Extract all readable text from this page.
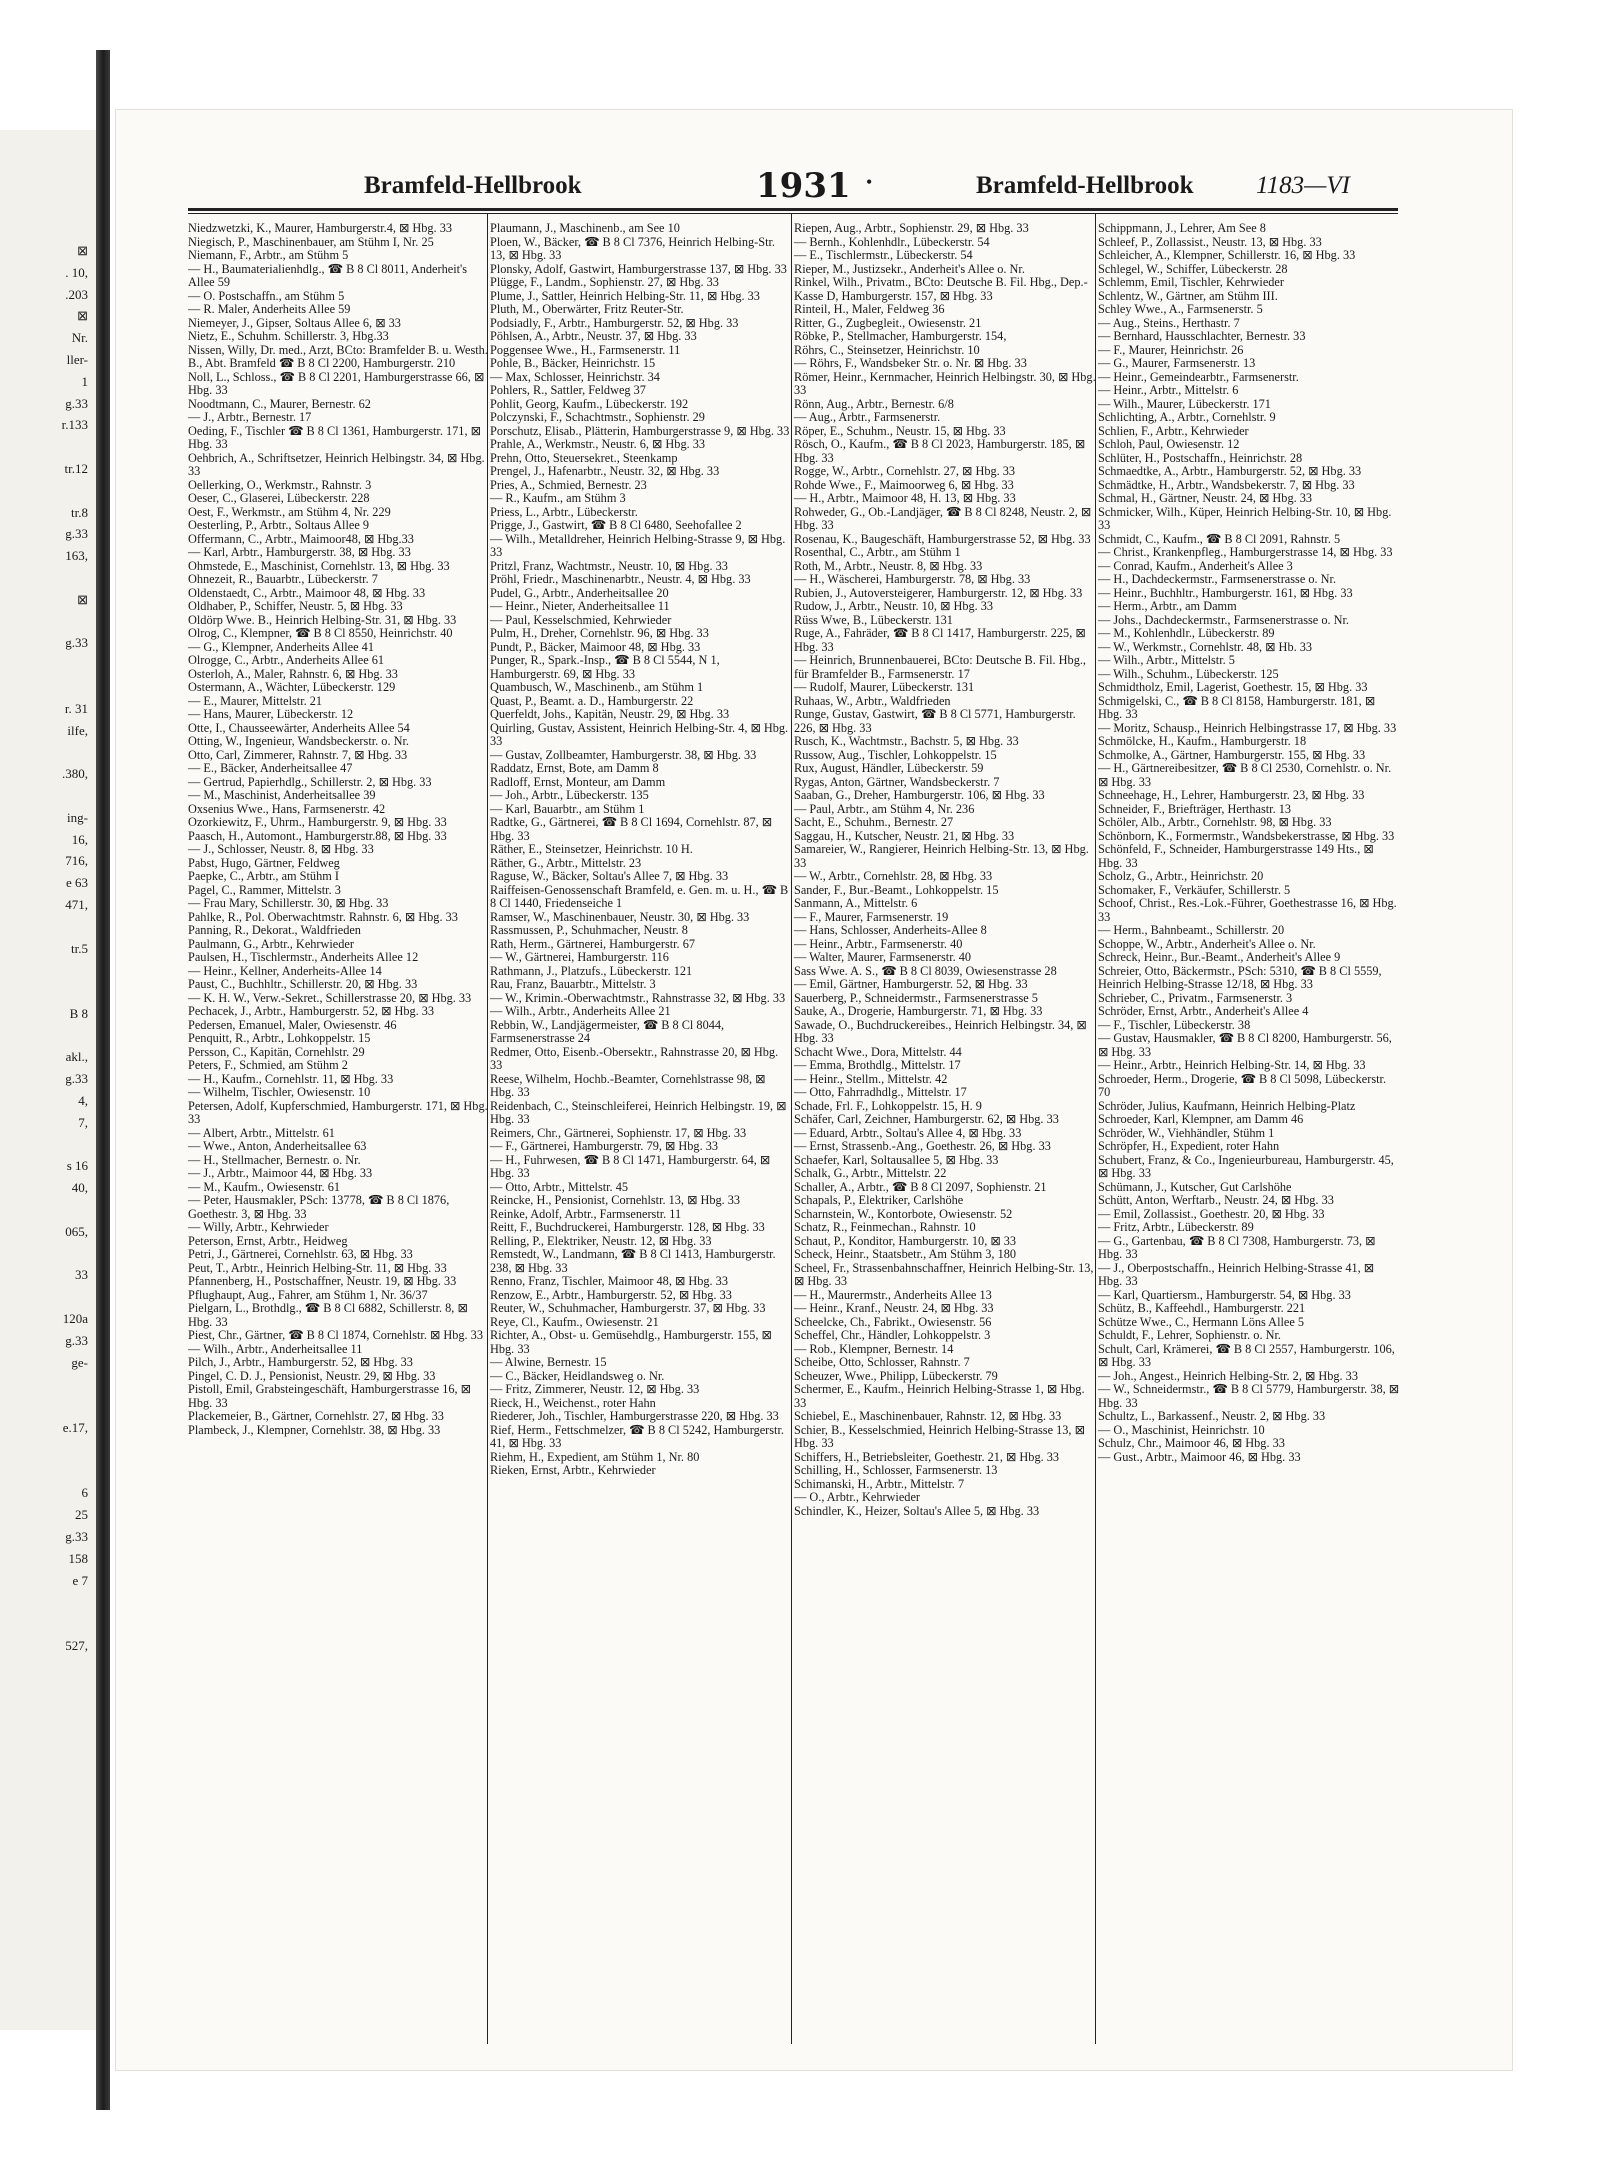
⊠
. 10,
.203
⊠
Nr.
ller-
1
g.33
r.133

tr.12

tr.8
g.33
163,

⊠

g.33

r. 31
ilfe,

.380,

ing-
16,
716,
e 63
471,

tr.5

B 8

akl.,
g.33
4,
7,

s 16
40,

065,

33

120a
g.33
ge-

e.17,

6
25
g.33
158
e 7

527,
Bramfeld-Hellbrook	1931 •	Bramfeld-Hellbrook 1183—VI
Niedzwetzki, K., Maurer, Hamburgerstr.4, ⊠ Hbg. 33
Niegisch, P., Maschinenbauer, am Stühm I, Nr. 25
Niemann, F., Arbtr., am Stühm 5
— H., Baumaterialienhdlg., ☎ B 8 Cl 8011, Anderheit's Allee 59
— O. Postschaffn., am Stühm 5
— R. Maler, Anderheits Allee 59
Niemeyer, J., Gipser, Soltaus Allee 6, ⊠ 33
Nietz, E., Schuhm. Schillerstr. 3, Hbg.33
Nissen, Willy, Dr. med., Arzt, BCto: Bramfelder B. u. Westh. B., Abt. Bramfeld ☎ B 8 Cl 2200, Hamburgerstr. 210
Noll, L., Schloss., ☎ B 8 Cl 2201, Hamburgerstrasse 66, ⊠ Hbg. 33
Noodtmann, C., Maurer, Bernestr. 62
— J., Arbtr., Bernestr. 17
Oeding, F., Tischler ☎ B 8 Cl 1361, Hamburgerstr. 171, ⊠ Hbg. 33
Oehbrich, A., Schriftsetzer, Heinrich Helbingstr. 34, ⊠ Hbg. 33
Oellerking, O., Werkmstr., Rahnstr. 3
Oeser, C., Glaserei, Lübeckerstr. 228
Oest, F., Werkmstr., am Stühm 4, Nr. 229
Oesterling, P., Arbtr., Soltaus Allee 9
Offermann, C., Arbtr., Maimoor48, ⊠ Hbg.33
— Karl, Arbtr., Hamburgerstr. 38, ⊠ Hbg. 33
Ohmstede, E., Maschinist, Cornehlstr. 13, ⊠ Hbg. 33
Ohnezeit, R., Bauarbtr., Lübeckerstr. 7
Oldenstaedt, C., Arbtr., Maimoor 48, ⊠ Hbg. 33
Oldhaber, P., Schiffer, Neustr. 5, ⊠ Hbg. 33
Oldörp Wwe. B., Heinrich Helbing-Str. 31, ⊠ Hbg. 33
Olrog, C., Klempner, ☎ B 8 Cl 8550, Heinrichstr. 40
— G., Klempner, Anderheits Allee 41
Olrogge, C., Arbtr., Anderheits Allee 61
Osterloh, A., Maler, Rahnstr. 6, ⊠ Hbg. 33
Ostermann, A., Wächter, Lübeckerstr. 129
— E., Maurer, Mittelstr. 21
— Hans, Maurer, Lübeckerstr. 12
Otte, I., Chausseewärter, Anderheits Allee 54
Otting, W., Ingenieur, Wandsbeckerstr. o. Nr.
Otto, Carl, Zimmerer, Rahnstr. 7, ⊠ Hbg. 33
— E., Bäcker, Anderheitsallee 47
— Gertrud, Papierhdlg., Schillerstr. 2, ⊠ Hbg. 33
— M., Maschinist, Anderheitsallee 39
Oxsenius Wwe., Hans, Farmsenerstr. 42
Ozorkiewitz, F., Uhrm., Hamburgerstr. 9, ⊠ Hbg. 33
Paasch, H., Automont., Hamburgerstr.88, ⊠ Hbg. 33
— J., Schlosser, Neustr. 8, ⊠ Hbg. 33
Pabst, Hugo, Gärtner, Feldweg
Paepke, C., Arbtr., am Stühm I
Pagel, C., Rammer, Mittelstr. 3
— Frau Mary, Schillerstr. 30, ⊠ Hbg. 33
Pahlke, R., Pol. Oberwachtmstr. Rahnstr. 6, ⊠ Hbg. 33
Panning, R., Dekorat., Waldfrieden
Paulmann, G., Arbtr., Kehrwieder
Paulsen, H., Tischlermstr., Anderheits Allee 12
— Heinr., Kellner, Anderheits-Allee 14
Paust, C., Buchhltr., Schillerstr. 20, ⊠ Hbg. 33
— K. H. W., Verw.-Sekret., Schillerstrasse 20, ⊠ Hbg. 33
Pechacek, J., Arbtr., Hamburgerstr. 52, ⊠ Hbg. 33
Pedersen, Emanuel, Maler, Owiesenstr. 46
Penquitt, R., Arbtr., Lohkoppelstr. 15
Persson, C., Kapitän, Cornehlstr. 29
Peters, F., Schmied, am Stühm 2
— H., Kaufm., Cornehlstr. 11, ⊠ Hbg. 33
— Wilhelm, Tischler, Owiesenstr. 10
Petersen, Adolf, Kupferschmied, Hamburgerstr. 171, ⊠ Hbg. 33
— Albert, Arbtr., Mittelstr. 61
— Wwe., Anton, Anderheitsallee 63
— H., Stellmacher, Bernestr. o. Nr.
— J., Arbtr., Maimoor 44, ⊠ Hbg. 33
— M., Kaufm., Owiesenstr. 61
— Peter, Hausmakler, PSch: 13778, ☎ B 8 Cl 1876, Goethestr. 3, ⊠ Hbg. 33
— Willy, Arbtr., Kehrwieder
Peterson, Ernst, Arbtr., Heidweg
Petri, J., Gärtnerei, Cornehlstr. 63, ⊠ Hbg. 33
Peut, T., Arbtr., Heinrich Helbing-Str. 11, ⊠ Hbg. 33
Pfannenberg, H., Postschaffner, Neustr. 19, ⊠ Hbg. 33
Pflughaupt, Aug., Fahrer, am Stühm 1, Nr. 36/37
Pielgarn, L., Brothdlg., ☎ B 8 Cl 6882, Schillerstr. 8, ⊠ Hbg. 33
Piest, Chr., Gärtner, ☎ B 8 Cl 1874, Cornehlstr. ⊠ Hbg. 33
— Wilh., Arbtr., Anderheitsallee 11
Pilch, J., Arbtr., Hamburgerstr. 52, ⊠ Hbg. 33
Pingel, C. D. J., Pensionist, Neustr. 29, ⊠ Hbg. 33
Pistoll, Emil, Grabsteingeschäft, Hamburgerstrasse 16, ⊠ Hbg. 33
Plackemeier, B., Gärtner, Cornehlstr. 27, ⊠ Hbg. 33
Plambeck, J., Klempner, Cornehlstr. 38, ⊠ Hbg. 33
Plaumann, J., Maschinenb., am See 10
Ploen, W., Bäcker, ☎ B 8 Cl 7376, Heinrich Helbing-Str. 13, ⊠ Hbg. 33
Plonsky, Adolf, Gastwirt, Hamburgerstrasse 137, ⊠ Hbg. 33
Plügge, F., Landm., Sophienstr. 27, ⊠ Hbg. 33
Plume, J., Sattler, Heinrich Helbing-Str. 11, ⊠ Hbg. 33
Pluth, M., Oberwärter, Fritz Reuter-Str.
Podsiadly, F., Arbtr., Hamburgerstr. 52, ⊠ Hbg. 33
Pöhlsen, A., Arbtr., Neustr. 37, ⊠ Hbg. 33
Poggensee Wwe., H., Farmsenerstr. 11
Pohle, B., Bäcker, Heinrichstr. 15
— Max, Schlosser, Heinrichstr. 34
Pohlers, R., Sattler, Feldweg 37
Pohlit, Georg, Kaufm., Lübeckerstr. 192
Polczynski, F., Schachtmstr., Sophienstr. 29
Porschutz, Elisab., Plätterin, Hamburgerstrasse 9, ⊠ Hbg. 33
Prahle, A., Werkmstr., Neustr. 6, ⊠ Hbg. 33
Prehn, Otto, Steuersekret., Steenkamp
Prengel, J., Hafenarbtr., Neustr. 32, ⊠ Hbg. 33
Pries, A., Schmied, Bernestr. 23
— R., Kaufm., am Stühm 3
Priess, L., Arbtr., Lübeckerstr.
Prigge, J., Gastwirt, ☎ B 8 Cl 6480, Seehofallee 2
— Wilh., Metalldreher, Heinrich Helbing-Strasse 9, ⊠ Hbg. 33
Pritzl, Franz, Wachtmstr., Neustr. 10, ⊠ Hbg. 33
Pröhl, Friedr., Maschinenarbtr., Neustr. 4, ⊠ Hbg. 33
Pudel, G., Arbtr., Anderheitsallee 20
— Heinr., Nieter, Anderheitsallee 11
— Paul, Kesselschmied, Kehrwieder
Pulm, H., Dreher, Cornehlstr. 96, ⊠ Hbg. 33
Pundt, P., Bäcker, Maimoor 48, ⊠ Hbg. 33
Punger, R., Spark.-Insp., ☎ B 8 Cl 5544, N 1, Hamburgerstr. 69, ⊠ Hbg. 33
Quambusch, W., Maschinenb., am Stühm 1
Quast, P., Beamt. a. D., Hamburgerstr. 22
Querfeldt, Johs., Kapitän, Neustr. 29, ⊠ Hbg. 33
Quirling, Gustav, Assistent, Heinrich Helbing-Str. 4, ⊠ Hbg. 33
— Gustav, Zollbeamter, Hamburgerstr. 38, ⊠ Hbg. 33
Raddatz, Ernst, Bote, am Damm 8
Radloff, Ernst, Monteur, am Damm
— Joh., Arbtr., Lübeckerstr. 135
— Karl, Bauarbtr., am Stühm 1
Radtke, G., Gärtnerei, ☎ B 8 Cl 1694, Cornehlstr. 87, ⊠ Hbg. 33
Räther, E., Steinsetzer, Heinrichstr. 10 H.
Räther, G., Arbtr., Mittelstr. 23
Raguse, W., Bäcker, Soltau's Allee 7, ⊠ Hbg. 33
Raiffeisen-Genossenschaft Bramfeld, e. Gen. m. u. H., ☎ B 8 Cl 1440, Friedenseiche 1
Ramser, W., Maschinenbauer, Neustr. 30, ⊠ Hbg. 33
Rassmussen, P., Schuhmacher, Neustr. 8
Rath, Herm., Gärtnerei, Hamburgerstr. 67
— W., Gärtnerei, Hamburgerstr. 116
Rathmann, J., Platzufs., Lübeckerstr. 121
Rau, Franz, Bauarbtr., Mittelstr. 3
— W., Krimin.-Oberwachtmstr., Rahnstrasse 32, ⊠ Hbg. 33
— Wilh., Arbtr., Anderheits Allee 21
Rebbin, W., Landjägermeister, ☎ B 8 Cl 8044, Farmsenerstrasse 24
Redmer, Otto, Eisenb.-Obersektr., Rahnstrasse 20, ⊠ Hbg. 33
Reese, Wilhelm, Hochb.-Beamter, Cornehlstrasse 98, ⊠ Hbg. 33
Reidenbach, C., Steinschleiferei, Heinrich Helbingstr. 19, ⊠ Hbg. 33
Reimers, Chr., Gärtnerei, Sophienstr. 17, ⊠ Hbg. 33
— F., Gärtnerei, Hamburgerstr. 79, ⊠ Hbg. 33
— H., Fuhrwesen, ☎ B 8 Cl 1471, Hamburgerstr. 64, ⊠ Hbg. 33
— Otto, Arbtr., Mittelstr. 45
Reincke, H., Pensionist, Cornehlstr. 13, ⊠ Hbg. 33
Reinke, Adolf, Arbtr., Farmsenerstr. 11
Reitt, F., Buchdruckerei, Hamburgerstr. 128, ⊠ Hbg. 33
Relling, P., Elektriker, Neustr. 12, ⊠ Hbg. 33
Remstedt, W., Landmann, ☎ B 8 Cl 1413, Hamburgerstr. 238, ⊠ Hbg. 33
Renno, Franz, Tischler, Maimoor 48, ⊠ Hbg. 33
Renzow, E., Arbtr., Hamburgerstr. 52, ⊠ Hbg. 33
Reuter, W., Schuhmacher, Hamburgerstr. 37, ⊠ Hbg. 33
Reye, Cl., Kaufm., Owiesenstr. 21
Richter, A., Obst- u. Gemüsehdlg., Hamburgerstr. 155, ⊠ Hbg. 33
— Alwine, Bernestr. 15
— C., Bäcker, Heidlandsweg o. Nr.
— Fritz, Zimmerer, Neustr. 12, ⊠ Hbg. 33
Rieck, H., Weichenst., roter Hahn
Riederer, Joh., Tischler, Hamburgerstrasse 220, ⊠ Hbg. 33
Rief, Herm., Fettschmelzer, ☎ B 8 Cl 5242, Hamburgerstr. 41, ⊠ Hbg. 33
Riehm, H., Expedient, am Stühm 1, Nr. 80
Rieken, Ernst, Arbtr., Kehrwieder
Riepen, Aug., Arbtr., Sophienstr. 29, ⊠ Hbg. 33
— Bernh., Kohlenhdlr., Lübeckerstr. 54
— E., Tischlermstr., Lübeckerstr. 54
Rieper, M., Justizsekr., Anderheit's Allee o. Nr.
Rinkel, Wilh., Privatm., BCto: Deutsche B. Fil. Hbg., Dep.-Kasse D, Hamburgerstr. 157, ⊠ Hbg. 33
Rinteil, H., Maler, Feldweg 36
Ritter, G., Zugbegleit., Owiesenstr. 21
Röbke, P., Stellmacher, Hamburgerstr. 154,
Röhrs, C., Steinsetzer, Heinrichstr. 10
— Röhrs, F., Wandsbeker Str. o. Nr. ⊠ Hbg. 33
Römer, Heinr., Kernmacher, Heinrich Helbingstr. 30, ⊠ Hbg. 33
Rönn, Aug., Arbtr., Bernestr. 6/8
— Aug., Arbtr., Farmsenerstr.
Röper, E., Schuhm., Neustr. 15, ⊠ Hbg. 33
Rösch, O., Kaufm., ☎ B 8 Cl 2023, Hamburgerstr. 185, ⊠ Hbg. 33
Rogge, W., Arbtr., Cornehlstr. 27, ⊠ Hbg. 33
Rohde Wwe., F., Maimoorweg 6, ⊠ Hbg. 33
— H., Arbtr., Maimoor 48, H. 13, ⊠ Hbg. 33
Rohweder, G., Ob.-Landjäger, ☎ B 8 Cl 8248, Neustr. 2, ⊠ Hbg. 33
Rosenau, K., Baugeschäft, Hamburgerstrasse 52, ⊠ Hbg. 33
Rosenthal, C., Arbtr., am Stühm 1
Roth, M., Arbtr., Neustr. 8, ⊠ Hbg. 33
— H., Wäscherei, Hamburgerstr. 78, ⊠ Hbg. 33
Rubien, J., Autoversteigerer, Hamburgerstr. 12, ⊠ Hbg. 33
Rudow, J., Arbtr., Neustr. 10, ⊠ Hbg. 33
Rüss Wwe, B., Lübeckerstr. 131
Ruge, A., Fahräder, ☎ B 8 Cl 1417, Hamburgerstr. 225, ⊠ Hbg. 33
— Heinrich, Brunnenbauerei, BCto: Deutsche B. Fil. Hbg., für Bramfelder B., Farmsenerstr. 17
— Rudolf, Maurer, Lübeckerstr. 131
Ruhaas, W., Arbtr., Waldfrieden
Runge, Gustav, Gastwirt, ☎ B 8 Cl 5771, Hamburgerstr. 226, ⊠ Hbg. 33
Rusch, K., Wachtmstr., Bachstr. 5, ⊠ Hbg. 33
Russow, Aug., Tischler, Lohkoppelstr. 15
Rux, August, Händler, Lübeckerstr. 59
Rygas, Anton, Gärtner, Wandsbeckerstr. 7
Saaban, G., Dreher, Hamburgerstr. 106, ⊠ Hbg. 33
— Paul, Arbtr., am Stühm 4, Nr. 236
Sacht, E., Schuhm., Bernestr. 27
Saggau, H., Kutscher, Neustr. 21, ⊠ Hbg. 33
Samareier, W., Rangierer, Heinrich Helbing-Str. 13, ⊠ Hbg. 33
— W., Arbtr., Cornehlstr. 28, ⊠ Hbg. 33
Sander, F., Bur.-Beamt., Lohkoppelstr. 15
Sanmann, A., Mittelstr. 6
— F., Maurer, Farmsenerstr. 19
— Hans, Schlosser, Anderheits-Allee 8
— Heinr., Arbtr., Farmsenerstr. 40
— Walter, Maurer, Farmsenerstr. 40
Sass Wwe. A. S., ☎ B 8 Cl 8039, Owiesenstrasse 28
— Emil, Gärtner, Hamburgerstr. 52, ⊠ Hbg. 33
Sauerberg, P., Schneidermstr., Farmsenerstrasse 5
Sauke, A., Drogerie, Hamburgerstr. 71, ⊠ Hbg. 33
Sawade, O., Buchdruckereibes., Heinrich Helbingstr. 34, ⊠ Hbg. 33
Schacht Wwe., Dora, Mittelstr. 44
— Emma, Brothdlg., Mittelstr. 17
— Heinr., Stellm., Mittelstr. 42
— Otto, Fahrradhdlg., Mittelstr. 17
Schade, Frl. F., Lohkoppelstr. 15, H. 9
Schäfer, Carl, Zeichner, Hamburgerstr. 62, ⊠ Hbg. 33
— Eduard, Arbtr., Soltau's Allee 4, ⊠ Hbg. 33
— Ernst, Strassenb.-Ang., Goethestr. 26, ⊠ Hbg. 33
Schaefer, Karl, Soltausallee 5, ⊠ Hbg. 33
Schalk, G., Arbtr., Mittelstr. 22
Schaller, A., Arbtr., ☎ B 8 Cl 2097, Sophienstr. 21
Schapals, P., Elektriker, Carlshöhe
Scharnstein, W., Kontorbote, Owiesenstr. 52
Schatz, R., Feinmechan., Rahnstr. 10
Schaut, P., Konditor, Hamburgerstr. 10, ⊠ 33
Scheck, Heinr., Staatsbetr., Am Stühm 3, 180
Scheel, Fr., Strassenbahnschaffner, Heinrich Helbing-Str. 13, ⊠ Hbg. 33
— H., Maurermstr., Anderheits Allee 13
— Heinr., Kranf., Neustr. 24, ⊠ Hbg. 33
Scheelcke, Ch., Fabrikt., Owiesenstr. 56
Scheffel, Chr., Händler, Lohkoppelstr. 3
— Rob., Klempner, Bernestr. 14
Scheibe, Otto, Schlosser, Rahnstr. 7
Scheuzer, Wwe., Philipp, Lübeckerstr. 79
Schermer, E., Kaufm., Heinrich Helbing-Strasse 1, ⊠ Hbg. 33
Schiebel, E., Maschinenbauer, Rahnstr. 12, ⊠ Hbg. 33
Schier, B., Kesselschmied, Heinrich Helbing-Strasse 13, ⊠ Hbg. 33
Schiffers, H., Betriebsleiter, Goethestr. 21, ⊠ Hbg. 33
Schilling, H., Schlosser, Farmsenerstr. 13
Schimanski, H., Arbtr., Mittelstr. 7
— O., Arbtr., Kehrwieder
Schindler, K., Heizer, Soltau's Allee 5, ⊠ Hbg. 33
Schippmann, J., Lehrer, Am See 8
Schleef, P., Zollassist., Neustr. 13, ⊠ Hbg. 33
Schleicher, A., Klempner, Schillerstr. 16, ⊠ Hbg. 33
Schlegel, W., Schiffer, Lübeckerstr. 28
Schlemm, Emil, Tischler, Kehrwieder
Schlentz, W., Gärtner, am Stühm III.
Schley Wwe., A., Farmsenerstr. 5
— Aug., Steins., Herthastr. 7
— Bernhard, Hausschlachter, Bernestr. 33
— F., Maurer, Heinrichstr. 26
— G., Maurer, Farmsenerstr. 13
— Heinr., Gemeindearbtr., Farmsenerstr.
— Heinr., Arbtr., Mittelstr. 6
— Wilh., Maurer, Lübeckerstr. 171
Schlichting, A., Arbtr., Cornehlstr. 9
Schlien, F., Arbtr., Kehrwieder
Schloh, Paul, Owiesenstr. 12
Schlüter, H., Postschaffn., Heinrichstr. 28
Schmaedtke, A., Arbtr., Hamburgerstr. 52, ⊠ Hbg. 33
Schmädtke, H., Arbtr., Wandsbekerstr. 7, ⊠ Hbg. 33
Schmal, H., Gärtner, Neustr. 24, ⊠ Hbg. 33
Schmicker, Wilh., Küper, Heinrich Helbing-Str. 10, ⊠ Hbg. 33
Schmidt, C., Kaufm., ☎ B 8 Cl 2091, Rahnstr. 5
— Christ., Krankenpfleg., Hamburgerstrasse 14, ⊠ Hbg. 33
— Conrad, Kaufm., Anderheit's Allee 3
— H., Dachdeckermstr., Farmsenerstrasse o. Nr.
— Heinr., Buchhltr., Hamburgerstr. 161, ⊠ Hbg. 33
— Herm., Arbtr., am Damm
— Johs., Dachdeckermstr., Farmsenerstrasse o. Nr.
— M., Kohlenhdlr., Lübeckerstr. 89
— W., Werkmstr., Cornehlstr. 48, ⊠ Hb. 33
— Wilh., Arbtr., Mittelstr. 5
— Wilh., Schuhm., Lübeckerstr. 125
Schmidtholz, Emil, Lagerist, Goethestr. 15, ⊠ Hbg. 33
Schmigelski, C., ☎ B 8 Cl 8158, Hamburgerstr. 181, ⊠ Hbg. 33
— Moritz, Schausp., Heinrich Helbingstrasse 17, ⊠ Hbg. 33
Schmölcke, H., Kaufm., Hamburgerstr. 18
Schmolke, A., Gärtner, Hamburgerstr. 155, ⊠ Hbg. 33
— H., Gärtnereibesitzer, ☎ B 8 Cl 2530, Cornehlstr. o. Nr. ⊠ Hbg. 33
Schneehage, H., Lehrer, Hamburgerstr. 23, ⊠ Hbg. 33
Schneider, F., Briefträger, Herthastr. 13
Schöler, Alb., Arbtr., Cornehlstr. 98, ⊠ Hbg. 33
Schönborn, K., Formermstr., Wandsbekerstrasse, ⊠ Hbg. 33
Schönfeld, F., Schneider, Hamburgerstrasse 149 Hts., ⊠ Hbg. 33
Scholz, G., Arbtr., Heinrichstr. 20
Schomaker, F., Verkäufer, Schillerstr. 5
Schoof, Christ., Res.-Lok.-Führer, Goethestrasse 16, ⊠ Hbg. 33
— Herm., Bahnbeamt., Schillerstr. 20
Schoppe, W., Arbtr., Anderheit's Allee o. Nr.
Schreck, Heinr., Bur.-Beamt., Anderheit's Allee 9
Schreier, Otto, Bäckermstr., PSch: 5310, ☎ B 8 Cl 5559, Heinrich Helbing-Strasse 12/18, ⊠ Hbg. 33
Schrieber, C., Privatm., Farmsenerstr. 3
Schröder, Ernst, Arbtr., Anderheit's Allee 4
— F., Tischler, Lübeckerstr. 38
— Gustav, Hausmakler, ☎ B 8 Cl 8200, Hamburgerstr. 56, ⊠ Hbg. 33
— Heinr., Arbtr., Heinrich Helbing-Str. 14, ⊠ Hbg. 33
Schroeder, Herm., Drogerie, ☎ B 8 Cl 5098, Lübeckerstr. 70
Schröder, Julius, Kaufmann, Heinrich Helbing-Platz
Schroeder, Karl, Klempner, am Damm 46
Schröder, W., Viehhändler, Stühm 1
Schröpfer, H., Expedient, roter Hahn
Schubert, Franz, & Co., Ingenieurbureau, Hamburgerstr. 45, ⊠ Hbg. 33
Schümann, J., Kutscher, Gut Carlshöhe
Schütt, Anton, Werftarb., Neustr. 24, ⊠ Hbg. 33
— Emil, Zollassist., Goethestr. 20, ⊠ Hbg. 33
— Fritz, Arbtr., Lübeckerstr. 89
— G., Gartenbau, ☎ B 8 Cl 7308, Hamburgerstr. 73, ⊠ Hbg. 33
— J., Oberpostschaffn., Heinrich Helbing-Strasse 41, ⊠ Hbg. 33
— Karl, Quartiersm., Hamburgerstr. 54, ⊠ Hbg. 33
Schütz, B., Kaffeehdl., Hamburgerstr. 221
Schütze Wwe., C., Hermann Löns Allee 5
Schuldt, F., Lehrer, Sophienstr. o. Nr.
Schult, Carl, Krämerei, ☎ B 8 Cl 2557, Hamburgerstr. 106, ⊠ Hbg. 33
— Joh., Angest., Heinrich Helbing-Str. 2, ⊠ Hbg. 33
— W., Schneidermstr., ☎ B 8 Cl 5779, Hamburgerstr. 38, ⊠ Hbg. 33
Schultz, L., Barkassenf., Neustr. 2, ⊠ Hbg. 33
— O., Maschinist, Heinrichstr. 10
Schulz, Chr., Maimoor 46, ⊠ Hbg. 33
— Gust., Arbtr., Maimoor 46, ⊠ Hbg. 33
